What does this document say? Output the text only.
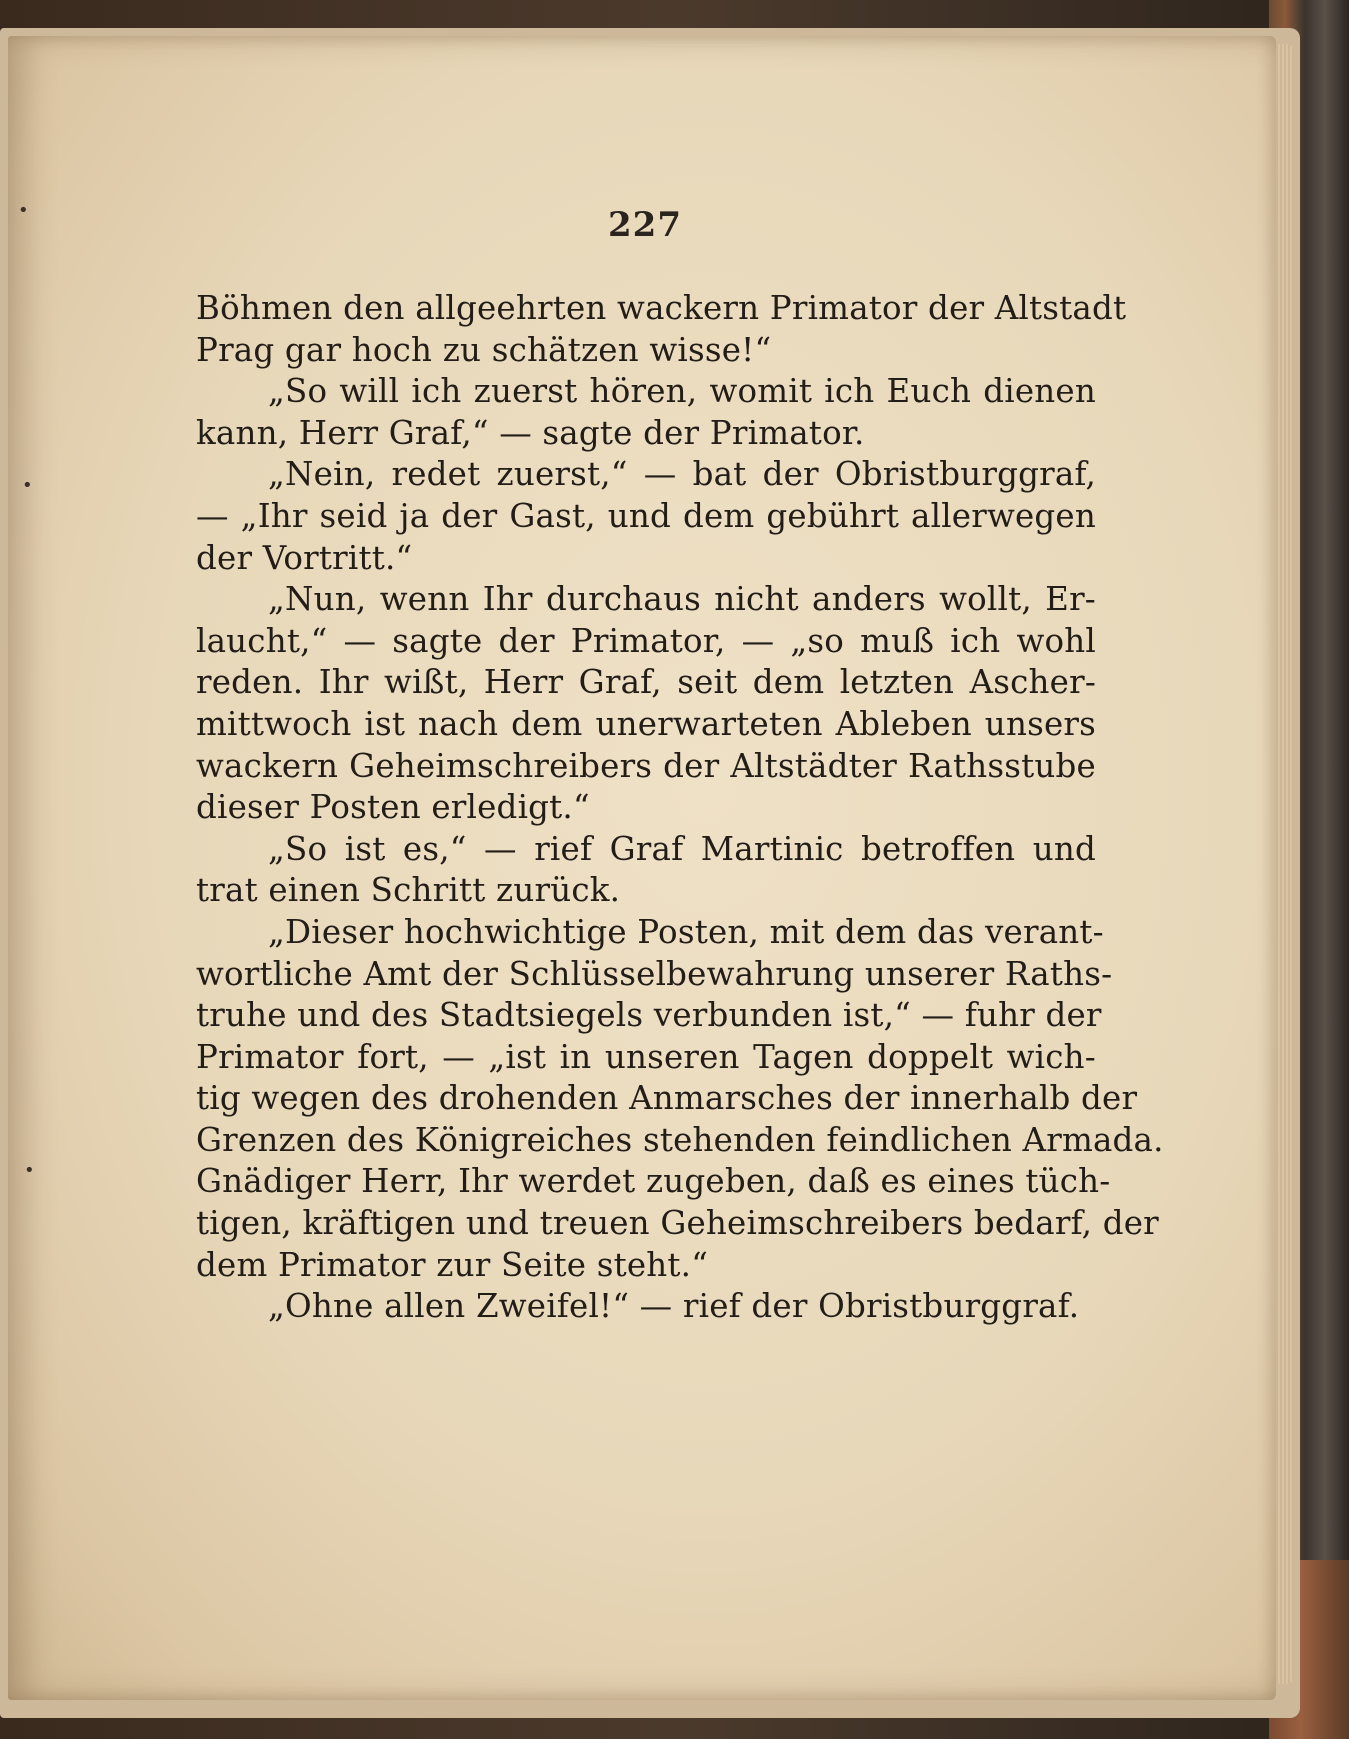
•
•
•
227
Böhmen den allgeehrten wackern Primator der Altstadt
Prag gar hoch zu schätzen wisse!“
„So will ich zuerst hören, womit ich Euch dienen
kann, Herr Graf,“ — sagte der Primator.
„Nein, redet zuerst,“ — bat der Obristburggraf,
— „Ihr seid ja der Gast, und dem gebührt allerwegen
der Vortritt.“
„Nun, wenn Ihr durchaus nicht anders wollt, Er-
laucht,“ — sagte der Primator, — „so muß ich wohl
reden. Ihr wißt, Herr Graf, seit dem letzten Ascher-
mittwoch ist nach dem unerwarteten Ableben unsers
wackern Geheimschreibers der Altstädter Rathsstube
dieser Posten erledigt.“
„So ist es,“ — rief Graf Martinic betroffen und
trat einen Schritt zurück.
„Dieser hochwichtige Posten, mit dem das verant-
wortliche Amt der Schlüsselbewahrung unserer Raths-
truhe und des Stadtsiegels verbunden ist,“ — fuhr der
Primator fort, — „ist in unseren Tagen doppelt wich-
tig wegen des drohenden Anmarsches der innerhalb der
Grenzen des Königreiches stehenden feindlichen Armada.
Gnädiger Herr, Ihr werdet zugeben, daß es eines tüch-
tigen, kräftigen und treuen Geheimschreibers bedarf, der
dem Primator zur Seite steht.“
„Ohne allen Zweifel!“ — rief der Obristburggraf.
